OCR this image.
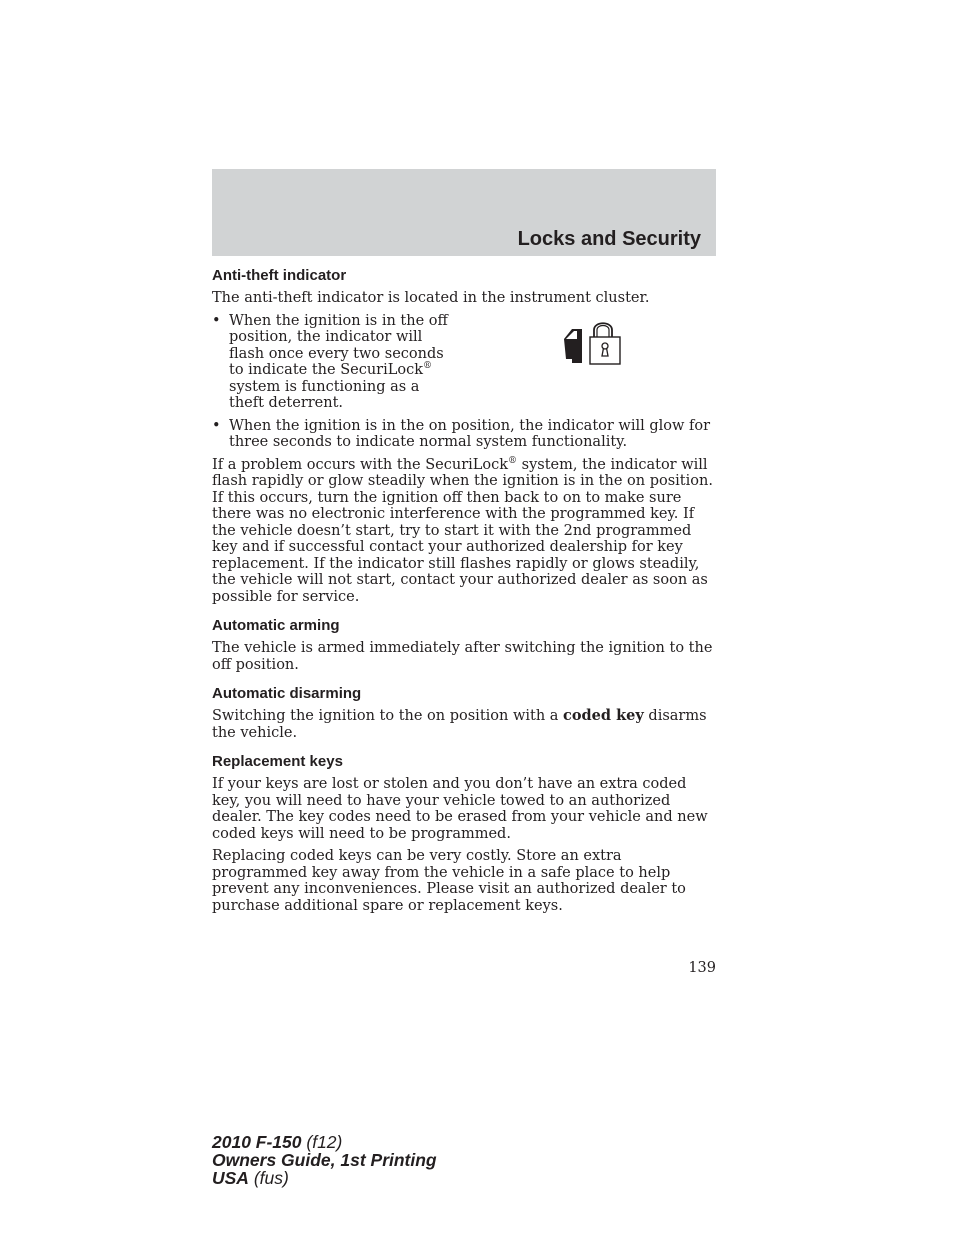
Locks and Security
Anti-theft indicator

The anti-theft indicator is located in the instrument cluster.

• When the ignition is in the off position, the indicator will flash once every two seconds to indicate the SecuriLock® system is functioning as a theft deterrent.
• When the ignition is in the on position, the indicator will glow for three seconds to indicate normal system functionality.

If a problem occurs with the SecuriLock® system, the indicator will flash rapidly or glow steadily when the ignition is in the on position. If this occurs, turn the ignition off then back to on to make sure there was no electronic interference with the programmed key. If the vehicle doesn’t start, try to start it with the 2nd programmed key and if successful contact your authorized dealership for key replacement. If the indicator still flashes rapidly or glows steadily, the vehicle will not start, contact your authorized dealer as soon as possible for service.

Automatic arming

The vehicle is armed immediately after switching the ignition to the off position.

Automatic disarming

Switching the ignition to the on position with a coded key disarms the vehicle.

Replacement keys

If your keys are lost or stolen and you don’t have an extra coded key, you will need to have your vehicle towed to an authorized dealer. The key codes need to be erased from your vehicle and new coded keys will need to be programmed.

Replacing coded keys can be very costly. Store an extra programmed key away from the vehicle in a safe place to help prevent any inconveniences. Please visit an authorized dealer to purchase additional spare or replacement keys.

139
2010 F-150 (f12)
Owners Guide, 1st Printing
USA (fus)
